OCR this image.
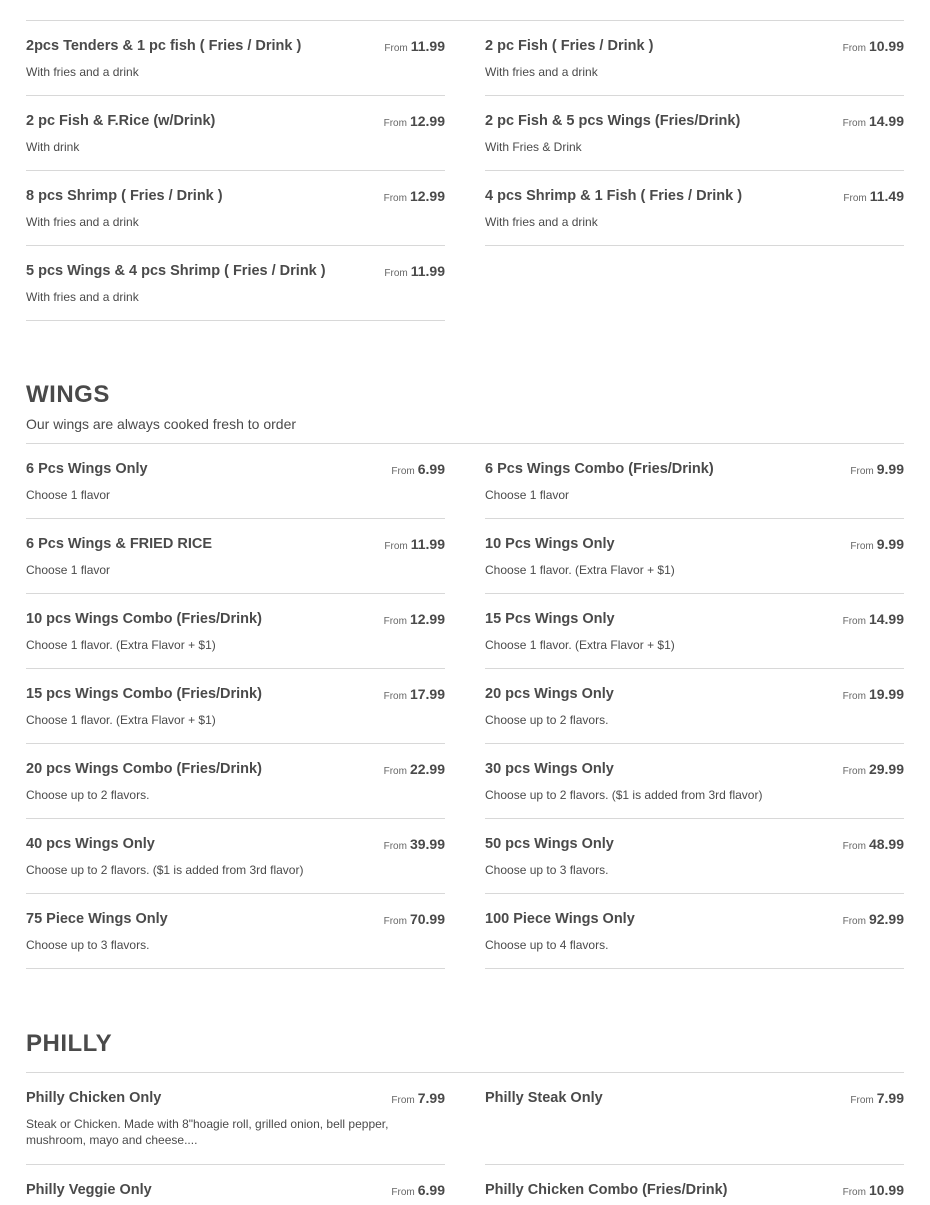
2pcs Tenders & 1 pc fish ( Fries / Drink )	From 11.99
With fries and a drink
2 pc Fish ( Fries / Drink )	From 10.99
With fries and a drink
2 pc Fish & F.Rice (w/Drink)	From 12.99
With drink
2 pc Fish & 5 pcs Wings (Fries/Drink)	From 14.99
With Fries & Drink
8 pcs Shrimp ( Fries / Drink )	From 12.99
With fries and a drink
4 pcs Shrimp & 1 Fish ( Fries / Drink )	From 11.49
With fries and a drink
5 pcs Wings & 4 pcs Shrimp ( Fries / Drink )	From 11.99
With fries and a drink
WINGS
Our wings are always cooked fresh to order
6 Pcs Wings Only	From 6.99
Choose 1 flavor
6 Pcs Wings Combo (Fries/Drink)	From 9.99
Choose 1 flavor
6 Pcs Wings & FRIED RICE	From 11.99
Choose 1 flavor
10 Pcs Wings Only	From 9.99
Choose 1 flavor. (Extra Flavor + $1)
10 pcs Wings Combo (Fries/Drink)	From 12.99
Choose 1 flavor. (Extra Flavor + $1)
15 Pcs Wings Only	From 14.99
Choose 1 flavor. (Extra Flavor + $1)
15 pcs Wings Combo (Fries/Drink)	From 17.99
Choose 1 flavor. (Extra Flavor + $1)
20 pcs Wings Only	From 19.99
Choose up to 2 flavors.
20 pcs Wings Combo (Fries/Drink)	From 22.99
Choose up to 2 flavors.
30 pcs Wings Only	From 29.99
Choose up to 2 flavors. ($1 is added from 3rd flavor)
40 pcs Wings Only	From 39.99
Choose up to 2 flavors. ($1 is added from 3rd flavor)
50 pcs Wings Only	From 48.99
Choose up to 3 flavors.
75 Piece Wings Only	From 70.99
Choose up to 3 flavors.
100 Piece Wings Only	From 92.99
Choose up to 4 flavors.
PHILLY
Philly Chicken Only	From 7.99
Steak or Chicken. Made with 8"hoagie roll, grilled onion, bell pepper, mushroom, mayo and cheese....
Philly Steak Only	From 7.99
Philly Veggie Only	From 6.99	Philly Chicken Combo (Fries/Drink)	From 10.99
